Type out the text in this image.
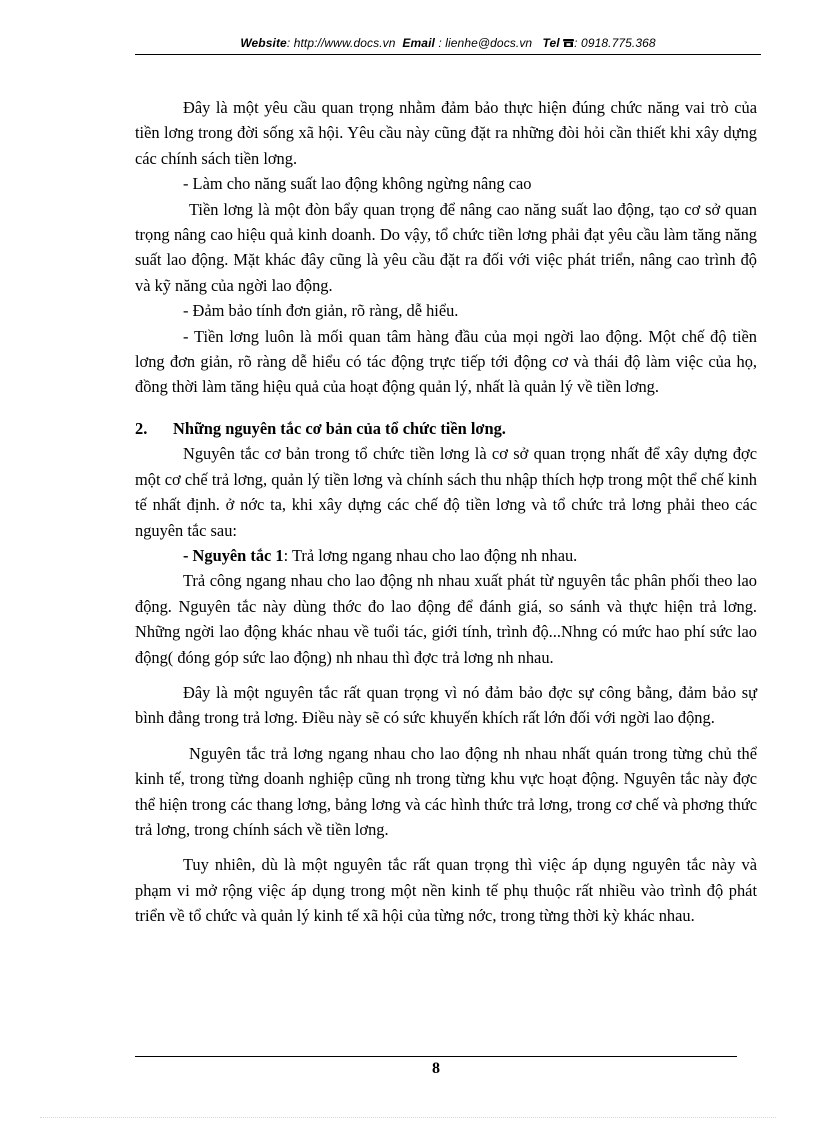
Website: http://www.docs.vn Email : lienhe@docs.vn Tel : 0918.775.368

Đây là một yêu cầu quan trọng nhằm đảm bảo thực hiện đúng chức năng vai trò của tiền lơng trong đời sống xã hội. Yêu cầu này cũng đặt ra những đòi hỏi cần thiết khi xây dựng các chính sách tiền lơng.

- Làm cho năng suất lao động không ngừng nâng cao

Tiền lơng là một đòn bẩy quan trọng để nâng cao năng suất lao động, tạo cơ sở quan trọng nâng cao hiệu quả kinh doanh. Do vậy, tổ chức tiền lơng phải đạt yêu cầu làm tăng năng suất lao động. Mặt khác đây cũng là yêu cầu đặt ra đối với việc phát triển, nâng cao trình độ và kỹ năng của ngời lao động.

- Đảm bảo tính đơn giản, rõ ràng, dễ hiểu.

- Tiền lơng luôn là mối quan tâm hàng đầu của mọi ngời lao động. Một chế độ tiền lơng đơn giản, rõ ràng dễ hiểu có tác động trực tiếp tới động cơ và thái độ làm việc của họ, đồng thời làm tăng hiệu quả của hoạt động quản lý, nhất là quản lý về tiền lơng.

2. Những nguyên tắc cơ bản của tổ chức tiền lơng.

Nguyên tắc cơ bản trong tổ chức tiền lơng là cơ sở quan trọng nhất để xây dựng đợc một cơ chế trả lơng, quản lý tiền lơng và chính sách thu nhập thích hợp trong một thể chế kinh tế nhất định. ở nớc ta, khi xây dựng các chế độ tiền lơng và tổ chức trả lơng phải theo các nguyên tắc sau:

- Nguyên tắc 1: Trả lơng ngang nhau cho lao động nh nhau.

Trả công ngang nhau cho lao động nh nhau xuất phát từ nguyên tắc phân phối theo lao động. Nguyên tắc này dùng thớc đo lao động để đánh giá, so sánh và thực hiện trả lơng. Những ngời lao động khác nhau về tuổi tác, giới tính, trình độ...Nhng có mức hao phí sức lao động( đóng góp sức lao động) nh nhau thì đợc trả lơng nh nhau.

Đây là một nguyên tắc rất quan trọng vì nó đảm bảo đợc sự công bằng, đảm bảo sự bình đẳng trong trả lơng. Điều này sẽ có sức khuyến khích rất lớn đối với ngời lao động.

Nguyên tắc trả lơng ngang nhau cho lao động nh nhau nhất quán trong từng chủ thể kinh tế, trong từng doanh nghiệp cũng nh trong từng khu vực hoạt động. Nguyên tắc này đợc thể hiện trong các thang lơng, bảng lơng và các hình thức trả lơng, trong cơ chế và phơng thức trả lơng, trong chính sách về tiền lơng.

Tuy nhiên, dù là một nguyên tắc rất quan trọng thì việc áp dụng nguyên tắc này và phạm vi mở rộng việc áp dụng trong một nền kinh tế phụ thuộc rất nhiều vào trình độ phát triển về tổ chức và quản lý kinh tế xã hội của từng nớc, trong từng thời kỳ khác nhau.

8
